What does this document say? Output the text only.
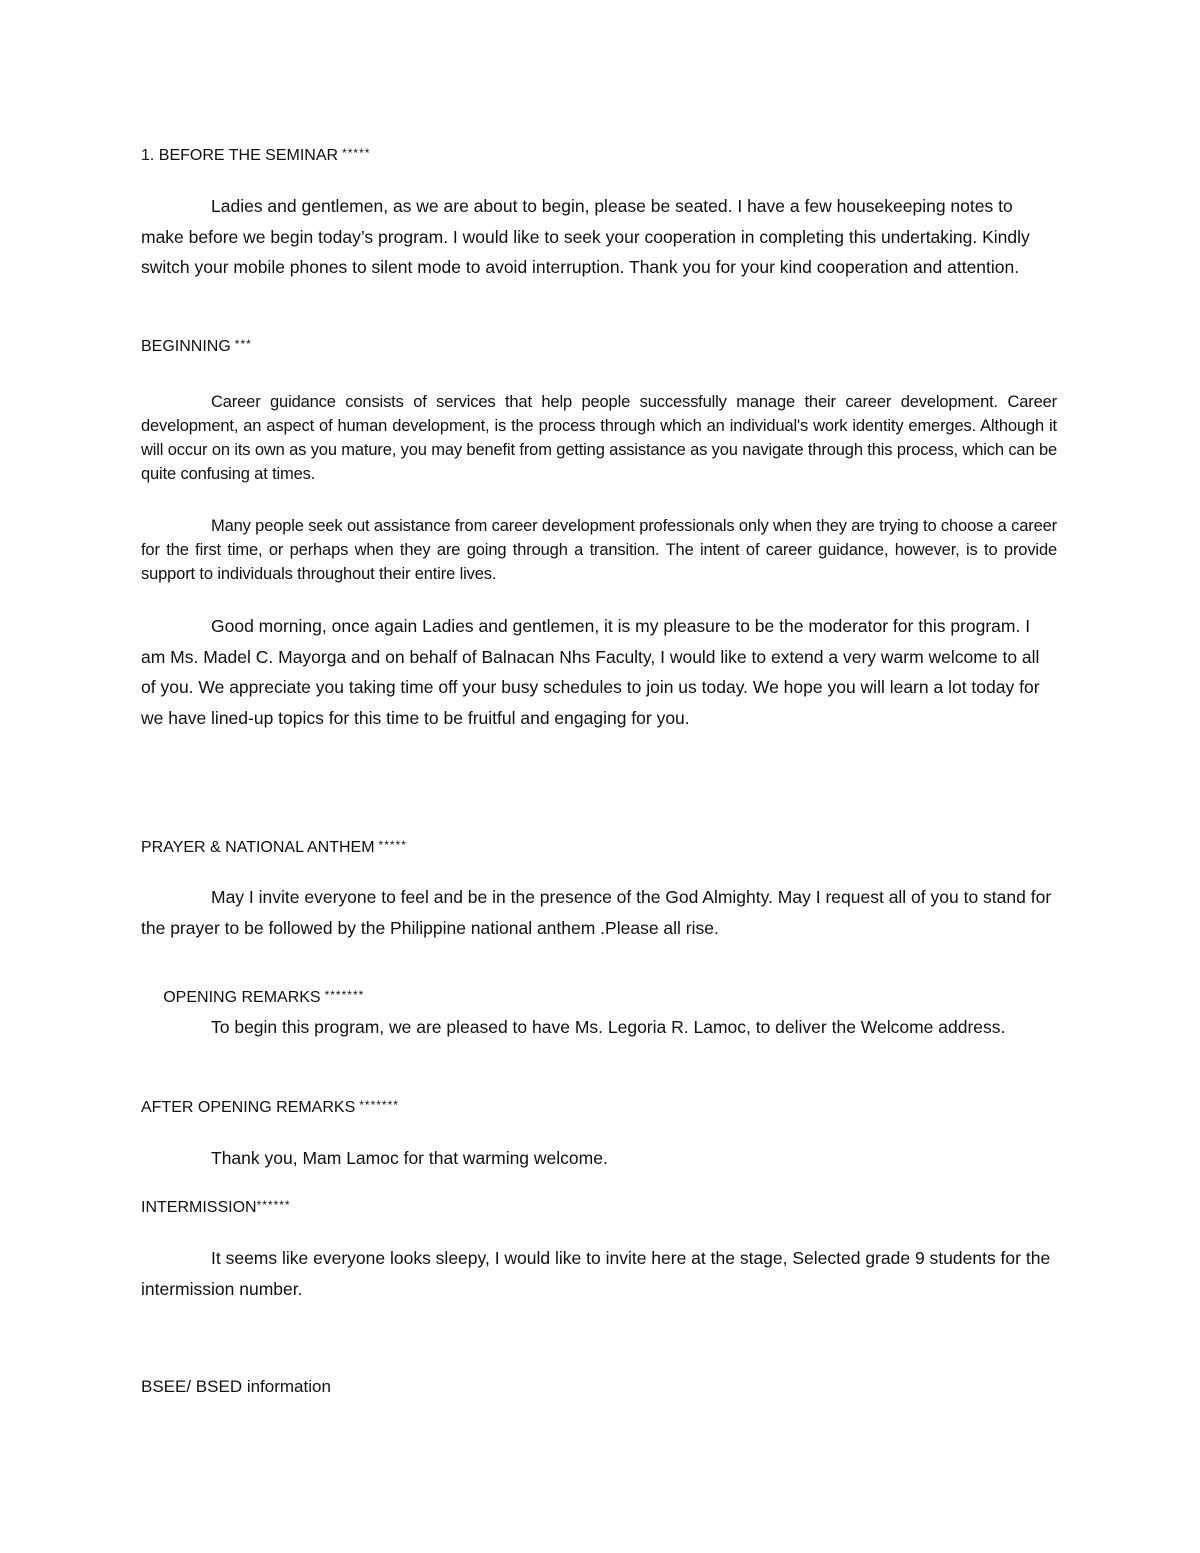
1. BEFORE THE SEMINAR *****

Ladies and gentlemen, as we are about to begin, please be seated. I have a few housekeeping notes to make before we begin today’s program. I would like to seek your cooperation in completing this undertaking. Kindly switch your mobile phones to silent mode to avoid interruption. Thank you for your kind cooperation and attention.

BEGINNING ***

Career guidance consists of services that help people successfully manage their career development. Career development, an aspect of human development, is the process through which an individual's work identity emerges. Although it will occur on its own as you mature, you may benefit from getting assistance as you navigate through this process, which can be quite confusing at times.

Many people seek out assistance from career development professionals only when they are trying to choose a career for the first time, or perhaps when they are going through a transition. The intent of career guidance, however, is to provide support to individuals throughout their entire lives.

Good morning, once again Ladies and gentlemen, it is my pleasure to be the moderator for this program. I am Ms. Madel C. Mayorga and on behalf of Balnacan Nhs Faculty, I would like to extend a very warm welcome to all of you. We appreciate you taking time off your busy schedules to join us today. We hope you will learn a lot today for we have lined-up topics for this time to be fruitful and engaging for you.

PRAYER & NATIONAL ANTHEM *****

May I invite everyone to feel and be in the presence of the God Almighty. May I request all of you to stand for the prayer to be followed by the Philippine national anthem .Please all rise.

OPENING REMARKS *******

To begin this program, we are pleased to have Ms. Legoria R. Lamoc, to deliver the Welcome address.

AFTER OPENING REMARKS *******

Thank you, Mam Lamoc for that warming welcome.

INTERMISSION******

It seems like everyone looks sleepy, I would like to invite here at the stage, Selected grade 9 students for the intermission number.

BSEE/ BSED information
